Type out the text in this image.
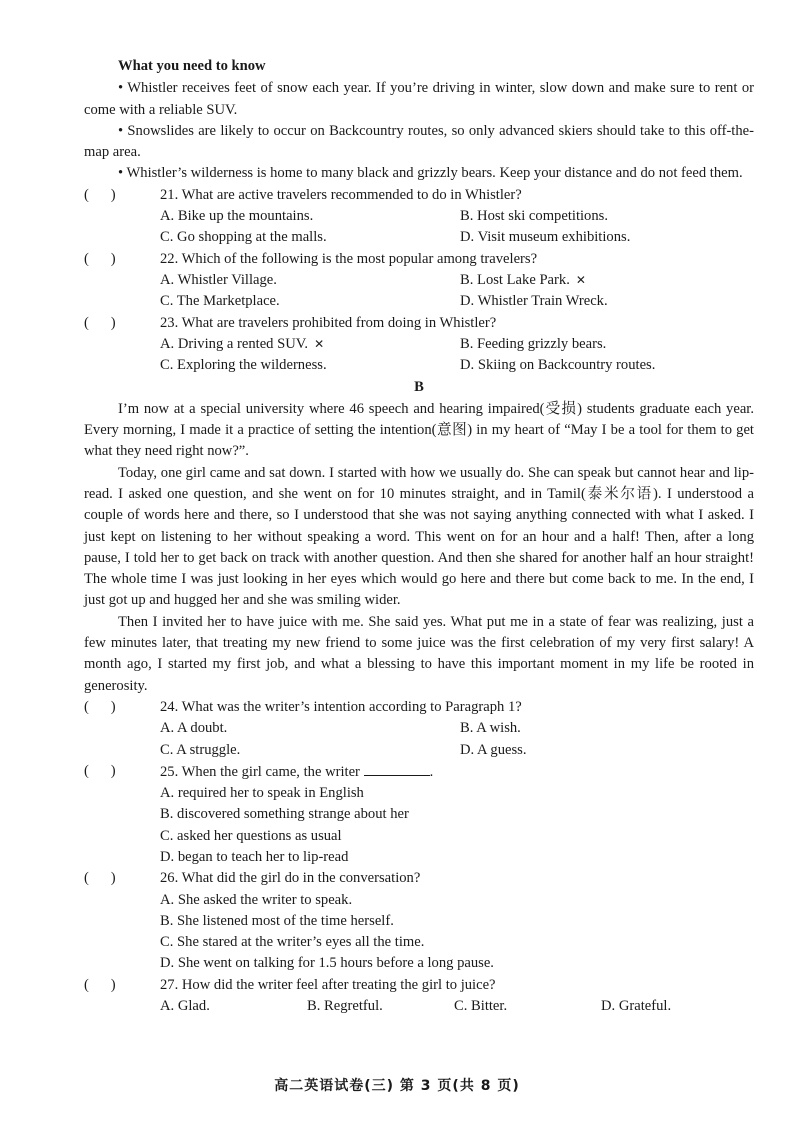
What you need to know

• Whistler receives feet of snow each year. If you’re driving in winter, slow down and make sure to rent or come with a reliable SUV.

• Snowslides are likely to occur on Backcountry routes, so only advanced skiers should take to this off-the-map area.

• Whistler’s wilderness is home to many black and grizzly bears. Keep your distance and do not feed them.

(      )	21. What are active travelers recommended to do in Whistler?
A. Bike up the mountains.	B. Host ski competitions.
C. Go shopping at the malls.	D. Visit museum exhibitions.
(      )	22. Which of the following is the most popular among travelers?
A. Whistler Village.	B. Lost Lake Park. ✕
C. The Marketplace.	D. Whistler Train Wreck.
(      )	23. What are travelers prohibited from doing in Whistler?
A. Driving a rented SUV. ✕	B. Feeding grizzly bears.
C. Exploring the wilderness.	D. Skiing on Backcountry routes.
B

I’m now at a special university where 46 speech and hearing impaired(受损) students graduate each year. Every morning, I made it a practice of setting the intention(意图) in my heart of “May I be a tool for them to get what they need right now?”.

Today, one girl came and sat down. I started with how we usually do. She can speak but cannot hear and lip-read. I asked one question, and she went on for 10 minutes straight, and in Tamil(泰米尔语). I understood a couple of words here and there, so I understood that she was not saying anything connected with what I asked. I just kept on listening to her without speaking a word. This went on for an hour and a half! Then, after a long pause, I told her to get back on track with another question. And then she shared for another half an hour straight! The whole time I was just looking in her eyes which would go here and there but come back to me. In the end, I just got up and hugged her and she was smiling wider.

Then I invited her to have juice with me. She said yes. What put me in a state of fear was realizing, just a few minutes later, that treating my new friend to some juice was the first celebration of my very first salary! A month ago, I started my first job, and what a blessing to have this important moment in my life be rooted in generosity.

(      )	24. What was the writer’s intention according to Paragraph 1?
A. A doubt.	B. A wish.
C. A struggle.	D. A guess.
(      )	25. When the girl came, the writer	.
A. required her to speak in English
B. discovered something strange about her
C. asked her questions as usual
D. began to teach her to lip-read
(      )	26. What did the girl do in the conversation?
A. She asked the writer to speak.
B. She listened most of the time herself.
C. She stared at the writer’s eyes all the time.
D. She went on talking for 1.5 hours before a long pause.
(      )	27. How did the writer feel after treating the girl to juice?
A. Glad.	B. Regretful.	C. Bitter.	D. Grateful.
高二英语试卷(三) 第 3 页(共 8 页)
